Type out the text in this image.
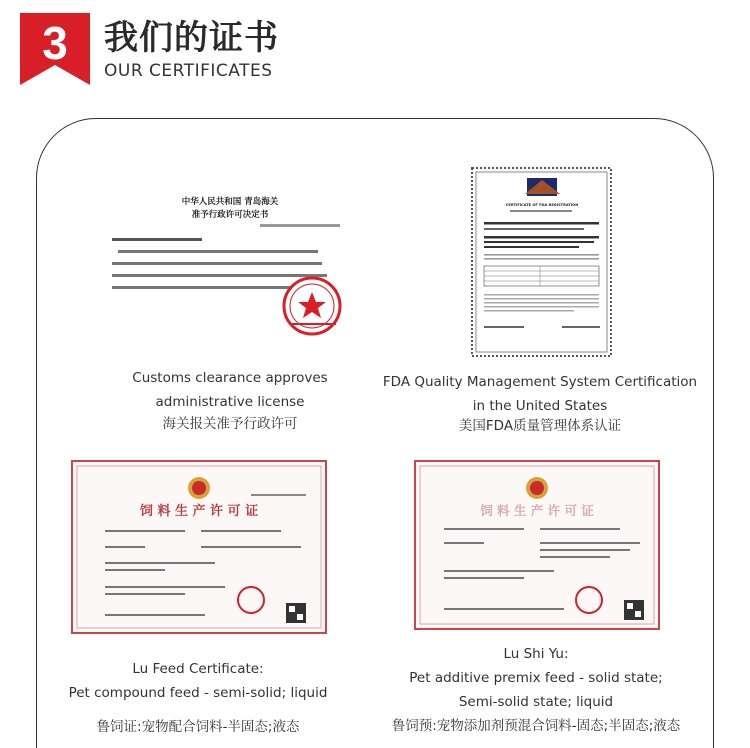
3	我们的证书
OUR CERTIFICATES
中华人民共和国 青岛海关
准予行政许可决定书
CERTIFICATE OF FDA REGISTRATION
饲 料 生 产 许 可 证	饲 料 生 产 许 可 证
Customs clearance approves
administrative license
海关报关准予行政许可
FDA Quality Management System Certification
in the United States
美国FDA质量管理体系认证
Lu Feed Certificate:
Pet compound feed - semi-solid; liquid
鲁饲证:宠物配合饲料-半固态;液态
Lu Shi Yu:
Pet additive premix feed - solid state;
Semi-solid state; liquid
鲁饲预:宠物添加剂预混合饲料-固态;半固态;液态
